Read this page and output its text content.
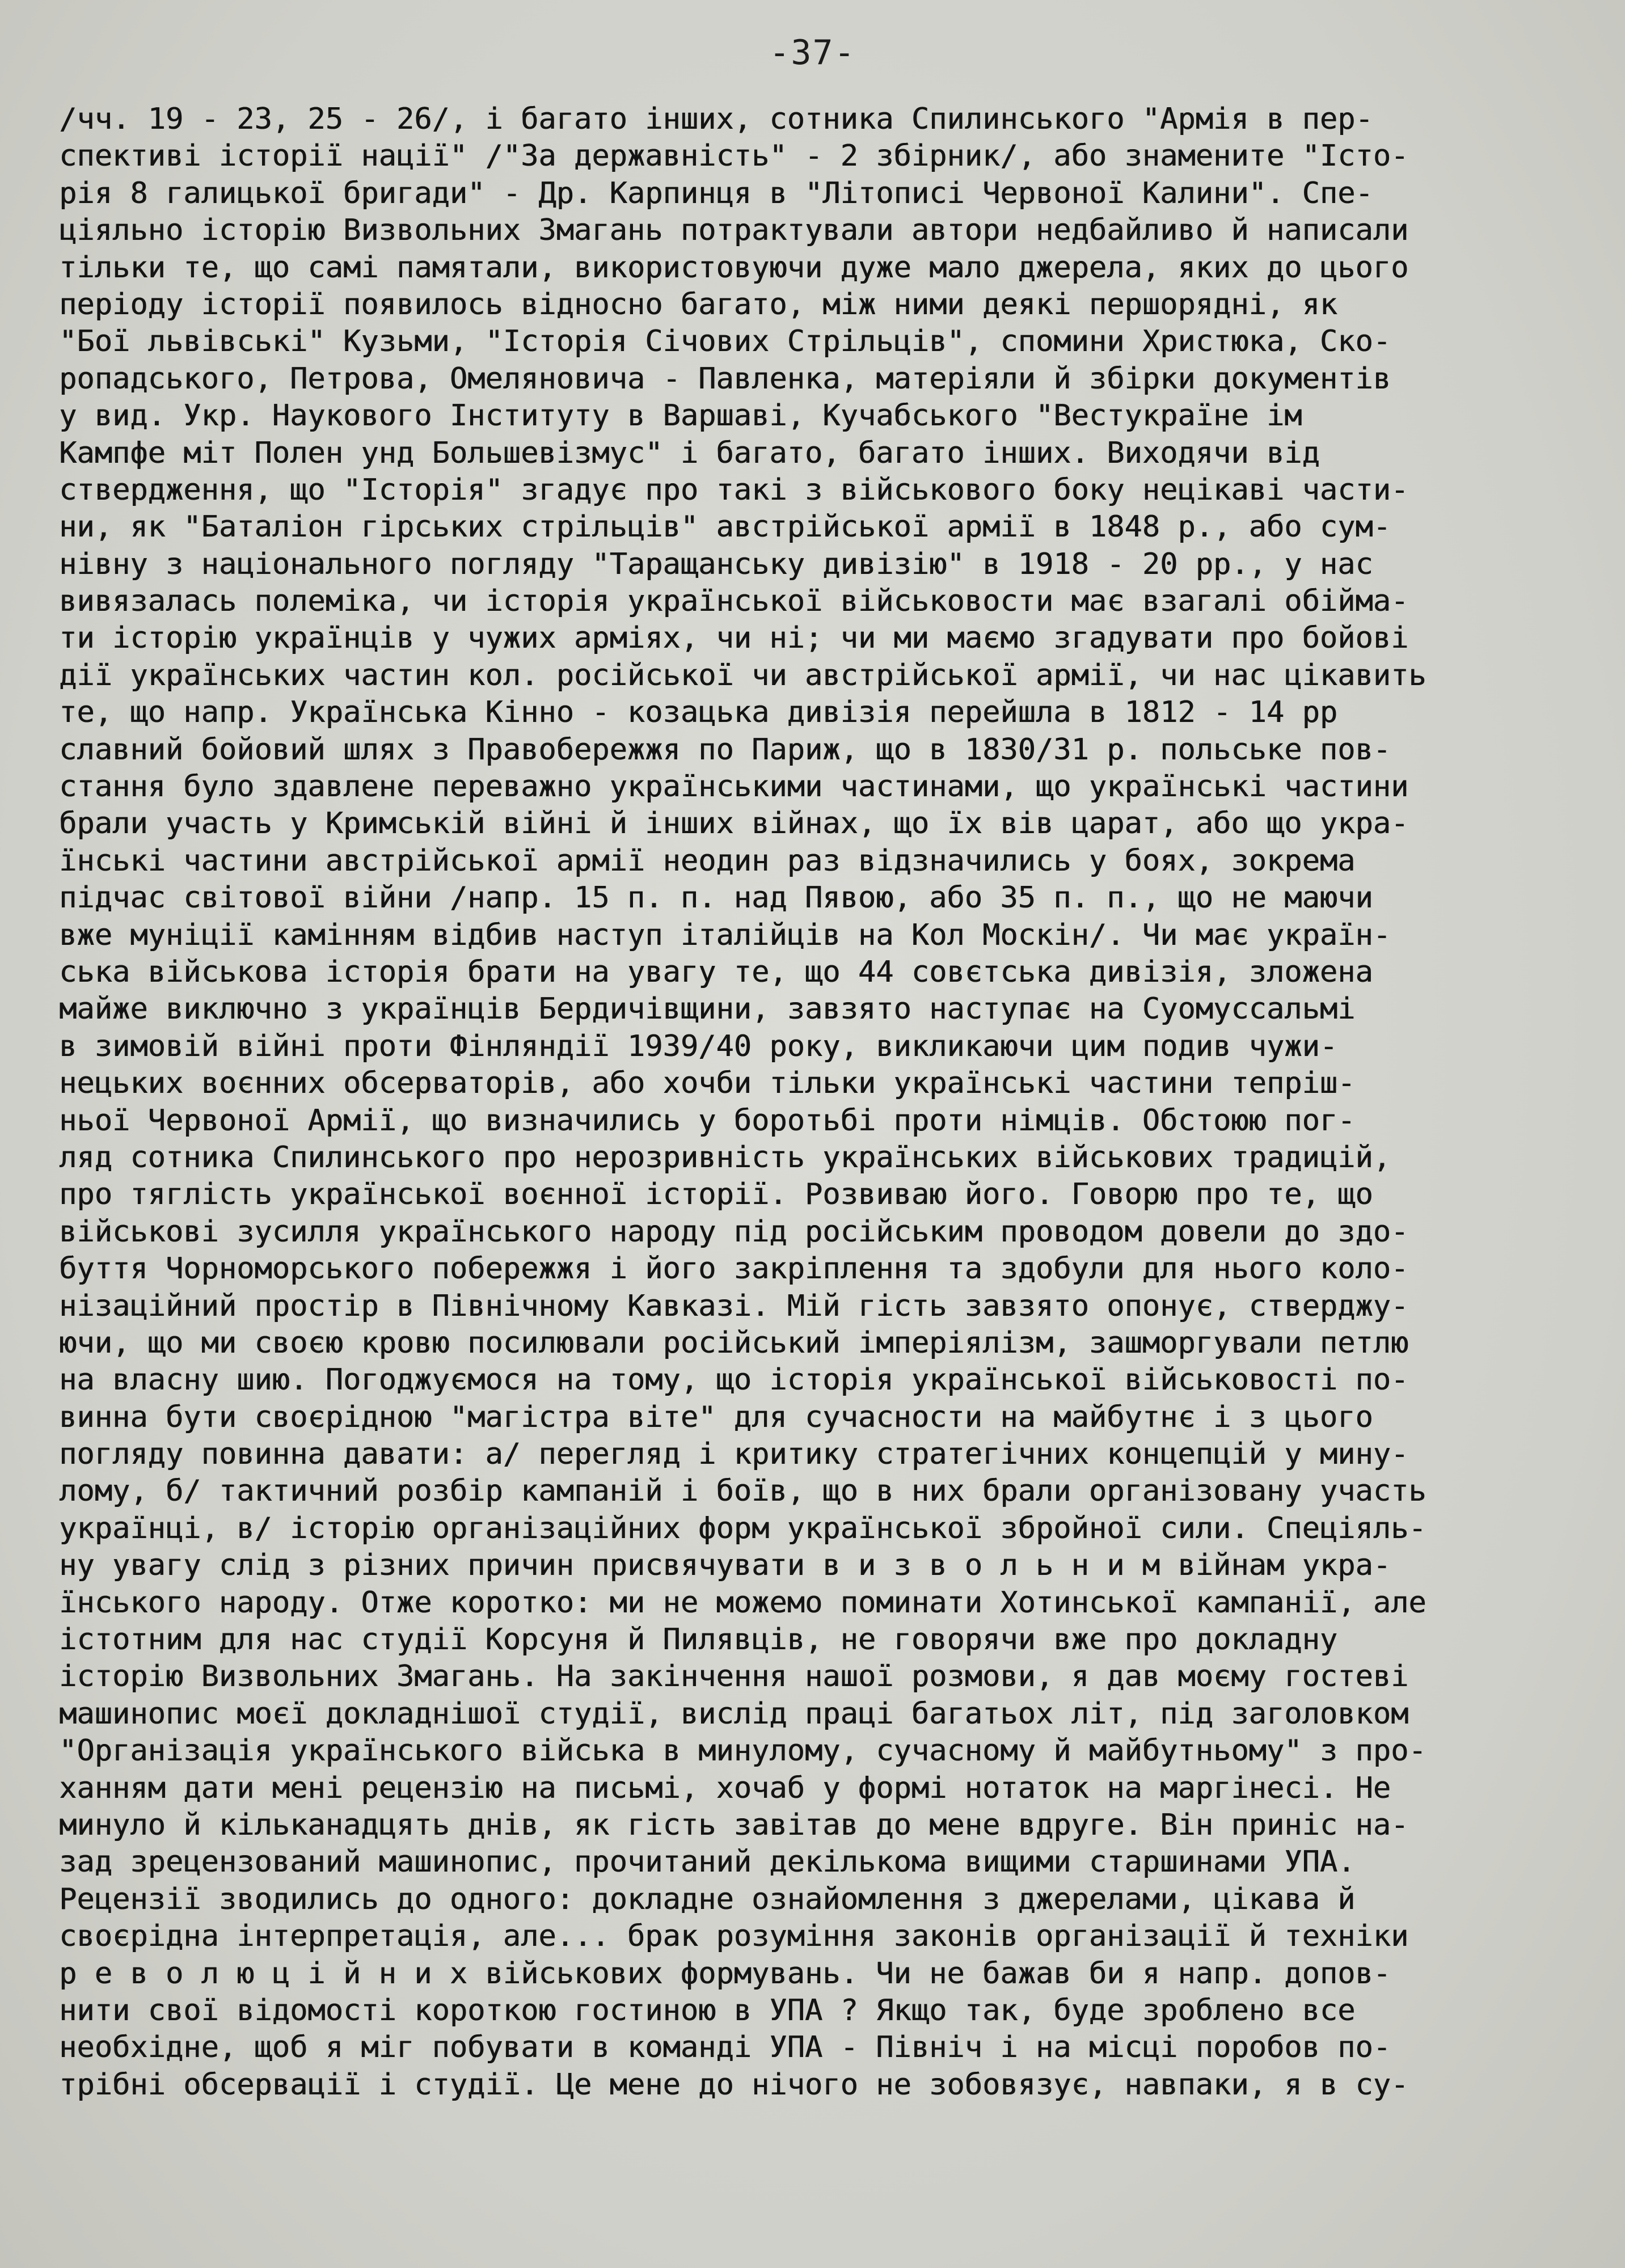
-37-
/чч. 19 - 23, 25 - 26/, і багато інших, сотника Спилинського "Армія в пер-
спективі історії нації" /"За державність" - 2 збірник/, або знамените "Істо-
рія 8 галицької бригади" - Др. Карпинця в "Літописі Червоної Калини". Спе-
ціяльно історію Визвольних Змагань потрактували автори недбайливо й написали
тільки те, що самі памятали, використовуючи дуже мало джерела, яких до цього
періоду історії появилось відносно багато, між ними деякі першорядні, як
"Бої львівські" Кузьми, "Історія Січових Стрільців", спомини Христюка, Ско-
ропадського, Петрова, Омеляновича - Павленка, матеріяли й збірки документів
у вид. Укр. Наукового Інституту в Варшаві, Кучабського "Вестукраїне ім
Кампфе міт Полен унд Большевізмус" і багато, багато інших. Виходячи від
ствердження, що "Історія" згадує про такі з військового боку нецікаві части-
ни, як "Баталіон гірських стрільців" австрійської армії в 1848 р., або сум-
нівну з національного погляду "Таращанську дивізію" в 1918 - 20 рр., у нас
вивязалась полеміка, чи історія української військовости має взагалі обійма-
ти історію українців у чужих арміях, чи ні; чи ми маємо згадувати про бойові
дії українських частин кол. російської чи австрійської армії, чи нас цікавить
те, що напр. Українська Кінно - козацька дивізія перейшла в 1812 - 14 рр
славний бойовий шлях з Правобережжя по Париж, що в 1830/31 р. польське пов-
стання було здавлене переважно українськими частинами, що українські частини
брали участь у Кримській війні й інших війнах, що їх вів царат, або що укра-
їнські частини австрійської армії неодин раз відзначились у боях, зокрема
підчас світової війни /напр. 15 п. п. над Пявою, або 35 п. п., що не маючи
вже муніції камінням відбив наступ італійців на Кол Москін/. Чи має україн-
ська військова історія брати на увагу те, що 44 совєтська дивізія, зложена
майже виключно з українців Бердичівщини, завзято наступає на Суомуссальмі
в зимовій війні проти Фінляндії 1939/40 року, викликаючи цим подив чужи-
нецьких воєнних обсерваторів, або хочби тільки українські частини тепріш-
ньої Червоної Армії, що визначились у боротьбі проти німців. Обстоюю пог-
ляд сотника Спилинського про нерозривність українських військових традицій,
про тяглість української воєнної історії. Розвиваю його. Говорю про те, що
військові зусилля українського народу під російським проводом довели до здо-
буття Чорноморського побережжя і його закріплення та здобули для нього коло-
нізаційний простір в Північному Кавказі. Мій гість завзято опонує, стверджу-
ючи, що ми своєю кровю посилювали російський імперіялізм, зашморгували петлю
на власну шию. Погоджуємося на тому, що історія української військовості по-
винна бути своєрідною "магістра віте" для сучасности на майбутнє і з цього
погляду повинна давати: а/ перегляд і критику стратегічних концепцій у мину-
лому, б/ тактичний розбір кампаній і боїв, що в них брали організовану участь
українці, в/ історію організаційних форм української збройної сили. Спеціяль-
ну увагу слід з різних причин присвячувати в и з в о л ь н и м війнам укра-
їнського народу. Отже коротко: ми не можемо поминати Хотинської кампанії, але
істотним для нас студії Корсуня й Пилявців, не говорячи вже про докладну
історію Визвольних Змагань. На закінчення нашої розмови, я дав моєму гостеві
машинопис моєї докладнішої студії, вислід праці багатьох літ, під заголовком
"Організація українського війська в минулому, сучасному й майбутньому" з про-
ханням дати мені рецензію на письмі, хочаб у формі нотаток на маргінесі. Не
минуло й кільканадцять днів, як гість завітав до мене вдруге. Він приніс на-
зад зрецензований машинопис, прочитаний декількома вищими старшинами УПА.
Рецензії зводились до одного: докладне ознайомлення з джерелами, цікава й
своєрідна інтерпретація, але... брак розуміння законів організації й техніки
р е в о л ю ц і й н и х військових формувань. Чи не бажав би я напр. допов-
нити свої відомості короткою гостиною в УПА ? Якщо так, буде зроблено все
необхідне, щоб я міг побувати в команді УПА - Північ і на місці поробов по-
трібні обсервації і студії. Це мене до нічого не зобовязує, навпаки, я в су-
